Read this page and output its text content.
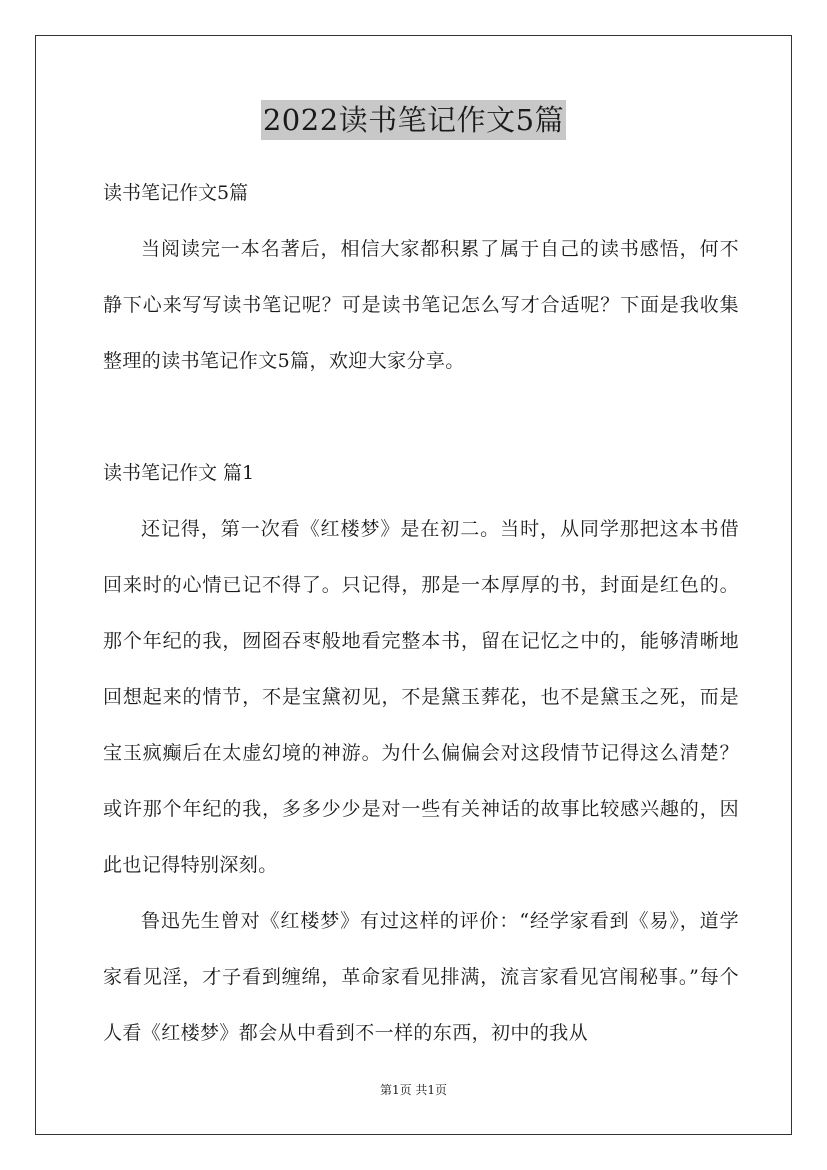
2022读书笔记作文5篇

读书笔记作文5篇

当阅读完一本名著后，相信大家都积累了属于自己的读书感悟，何不静下心来写写读书笔记呢？可是读书笔记怎么写才合适呢？下面是我收集整理的读书笔记作文5篇，欢迎大家分享。

读书笔记作文 篇1

还记得，第一次看《红楼梦》是在初二。当时，从同学那把这本书借回来时的心情已记不得了。只记得，那是一本厚厚的书，封面是红色的。那个年纪的我，囫囵吞枣般地看完整本书，留在记忆之中的，能够清晰地回想起来的情节，不是宝黛初见，不是黛玉葬花，也不是黛玉之死，而是宝玉疯癫后在太虚幻境的神游。为什么偏偏会对这段情节记得这么清楚？或许那个年纪的我，多多少少是对一些有关神话的故事比较感兴趣的，因此也记得特别深刻。

鲁迅先生曾对《红楼梦》有过这样的评价：“经学家看到《易》，道学家看见淫，才子看到缠绵，革命家看见排满，流言家看见宫闱秘事。”每个人看《红楼梦》都会从中看到不一样的东西，初中的我从

第1页 共1页
